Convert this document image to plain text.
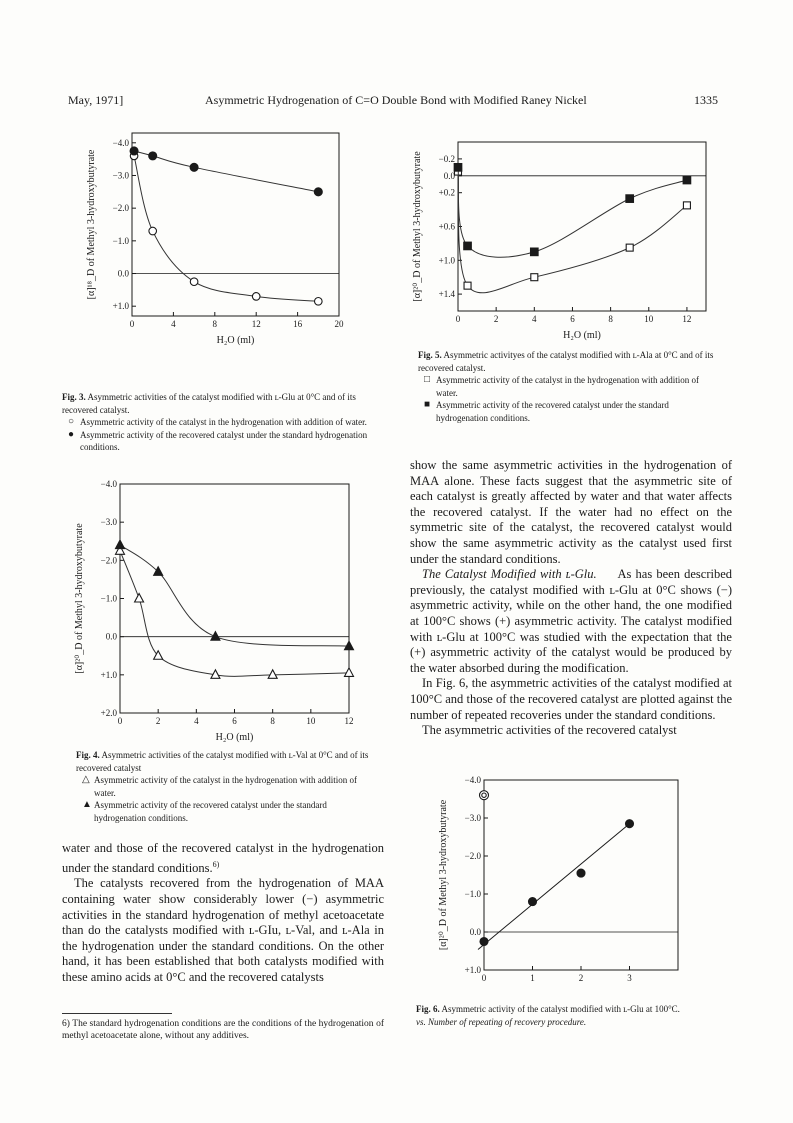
May, 1971]	Asymmetric Hydrogenation of C=O Double Bond with Modified Raney Nickel	1335
0	4	8	12	16	20
−4.0
−3.0
−2.0
−1.0
0.0
+1.0
H₂O (ml)
[α]¹⁸_D of Methyl 3-hydroxybutyrate
0	2	4	6	8	10	12
−4.0
−3.0
−2.0
−1.0
0.0
+1.0
+2.0
H₂O (ml)
[α]²⁰_D of Methyl 3-hydroxybutyrate
0	2	4	6	8	10	12
−0.2
0.0
+0.2
+0.6
+1.0
+1.4
H₂O (ml)
[α]²⁰_D of Methyl 3-hydroxybutyrate
0	1	2	3
−4.0
−3.0
−2.0
−1.0
0.0
+1.0
[α]²⁰_D of Methyl 3-hydroxybutyrate
Fig. 3. Asymmetric activities of the catalyst modified with ʟ-Glu at 0°C and of its recovered catalyst.
○ Asymmetric activity of the catalyst in the hydrogenation with addition of water.
● Asymmetric activity of the recovered catalyst under the standard hydrogenation conditions.
Fig. 4. Asymmetric activities of the catalyst modified with ʟ-Val at 0°C and of its recovered catalyst
△ Asymmetric activity of the catalyst in the hydrogenation with addition of water.
▲ Asymmetric activity of the recovered catalyst under the standard hydrogenation conditions.
Fig. 5. Asymmetric activityes of the catalyst modified with ʟ-Ala at 0°C and of its recovered catalyst.
□ Asymmetric activity of the catalyst in the hydrogenation with addition of water.
■ Asymmetric activity of the recovered catalyst under the standard hydrogenation conditions.
Fig. 6. Asymmetric activity of the catalyst modified with ʟ-Glu at 100°C.
vs. Number of repeating of recovery procedure.

show the same asymmetric activities in the hydrogenation of MAA alone. These facts suggest that the asymmetric site of each catalyst is greatly affected by water and that water affects the recovered catalyst. If the water had no effect on the symmetric site of the catalyst, the recovered catalyst would show the same asymmetric activity as the catalyst used first under the standard conditions.

The Catalyst Modified with ʟ-Glu. As has been described previously, the catalyst modified with ʟ-Glu at 0°C shows (−) asymmetric activity, while on the other hand, the one modified at 100°C shows (+) asymmetric activity. The catalyst modified with ʟ-Glu at 100°C was studied with the expectation that the (+) asymmetric activity of the catalyst would be produced by the water absorbed during the modification.

In Fig. 6, the asymmetric activities of the catalyst modified at 100°C and those of the recovered catalyst are plotted against the number of repeated recoveries under the standard conditions.

The asymmetric activities of the recovered catalyst

water and those of the recovered catalyst in the hydrogenation under the standard conditions.$^{6)}$

The catalysts recovered from the hydrogenation of MAA containing water show considerably lower (−) asymmetric activities in the standard hydrogenation of methyl acetoacetate than do the catalysts modified with ʟ-GIu, ʟ-Val, and ʟ-Ala in the hydrogenation under the standard conditions. On the other hand, it has been established that both catalysts modified with these amino acids at 0°C and the recovered catalysts

6) The standard hydrogenation conditions are the conditions of the hydrogenation of methyl acetoacetate alone, without any additives.
